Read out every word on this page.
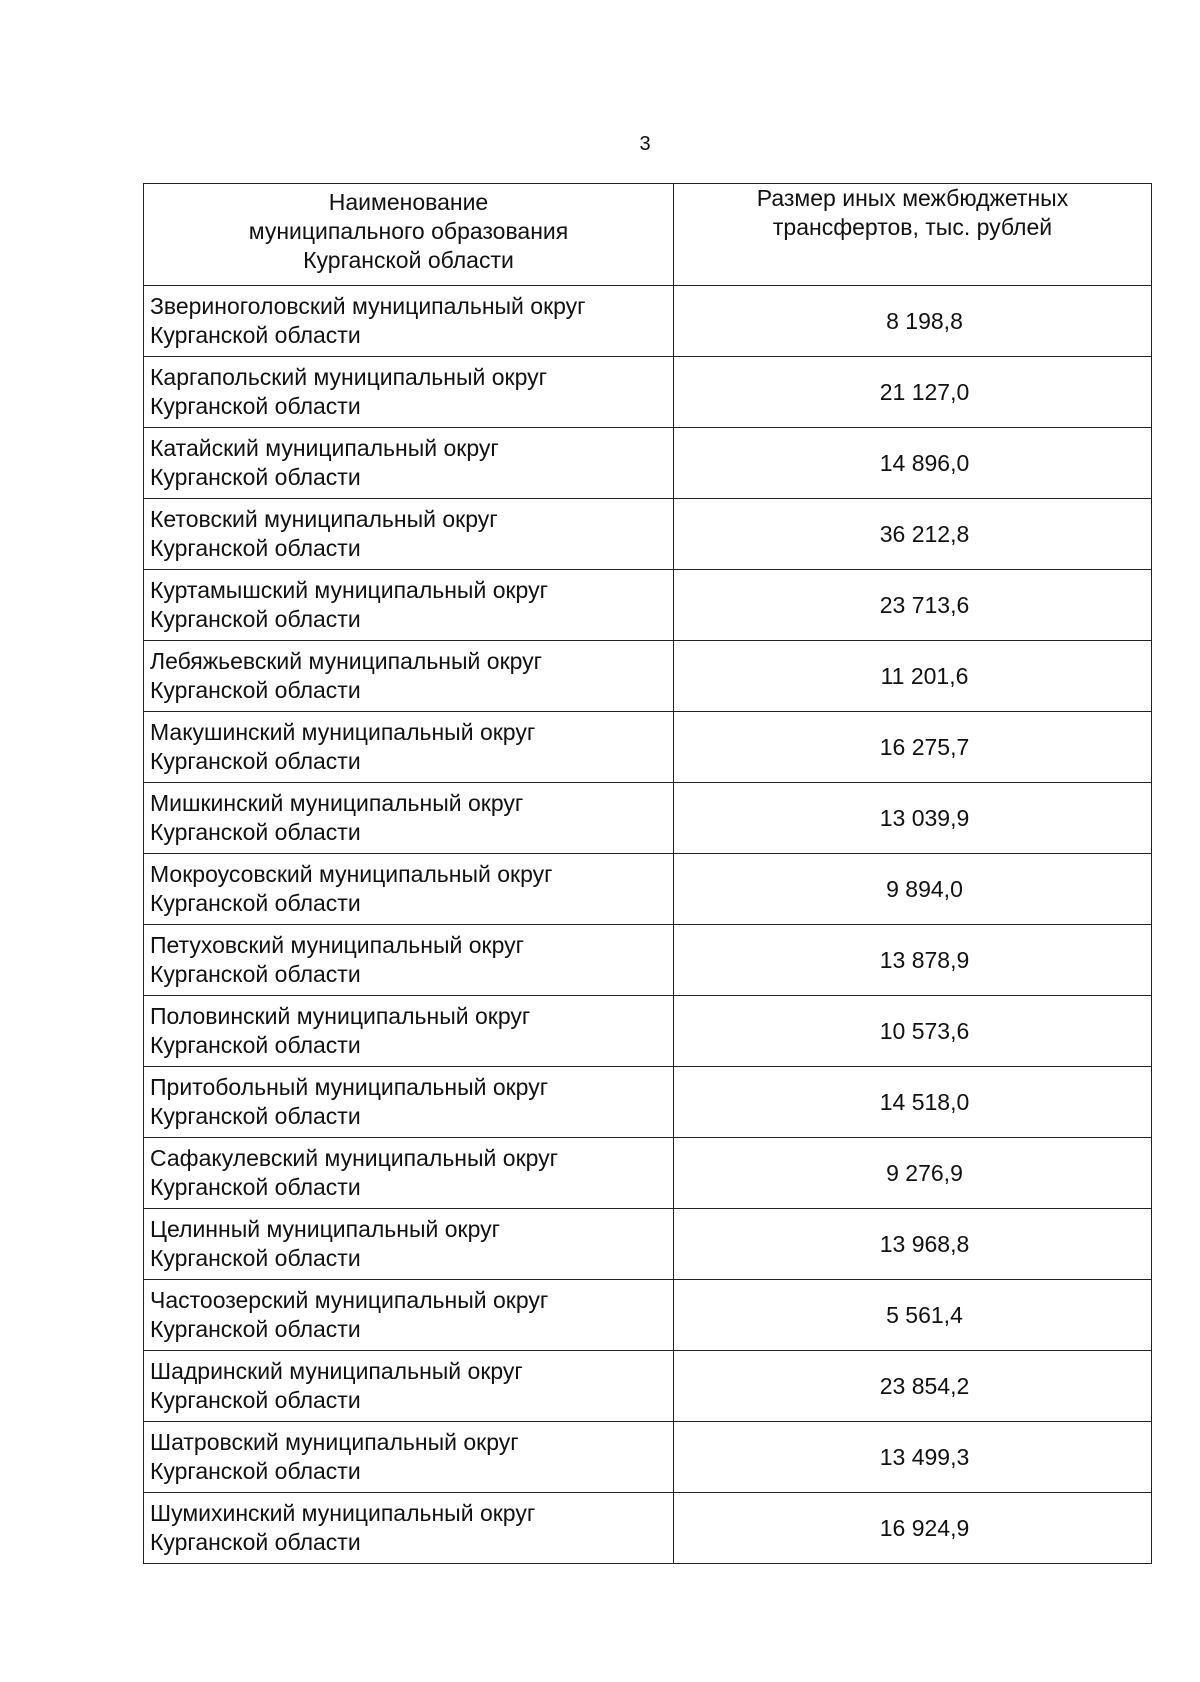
3
Наименование
муниципального образования
Курганской области	Размер иных межбюджетных
трансфертов, тыс. рублей

Звериноголовский муниципальный округ
Курганской области	8 198,8

Каргапольский муниципальный округ
Курганской области	21 127,0

Катайский муниципальный округ
Курганской области	14 896,0

Кетовский муниципальный округ
Курганской области	36 212,8

Куртамышский муниципальный округ
Курганской области	23 713,6

Лебяжьевский муниципальный округ
Курганской области	11 201,6

Макушинский муниципальный округ
Курганской области	16 275,7

Мишкинский муниципальный округ
Курганской области	13 039,9

Мокроусовский муниципальный округ
Курганской области	9 894,0

Петуховский муниципальный округ
Курганской области	13 878,9

Половинский муниципальный округ
Курганской области	10 573,6

Притобольный муниципальный округ
Курганской области	14 518,0

Сафакулевский муниципальный округ
Курганской области	9 276,9

Целинный муниципальный округ
Курганской области	13 968,8

Частоозерский муниципальный округ
Курганской области	5 561,4

Шадринский муниципальный округ
Курганской области	23 854,2

Шатровский муниципальный округ
Курганской области	13 499,3

Шумихинский муниципальный округ
Курганской области	16 924,9
